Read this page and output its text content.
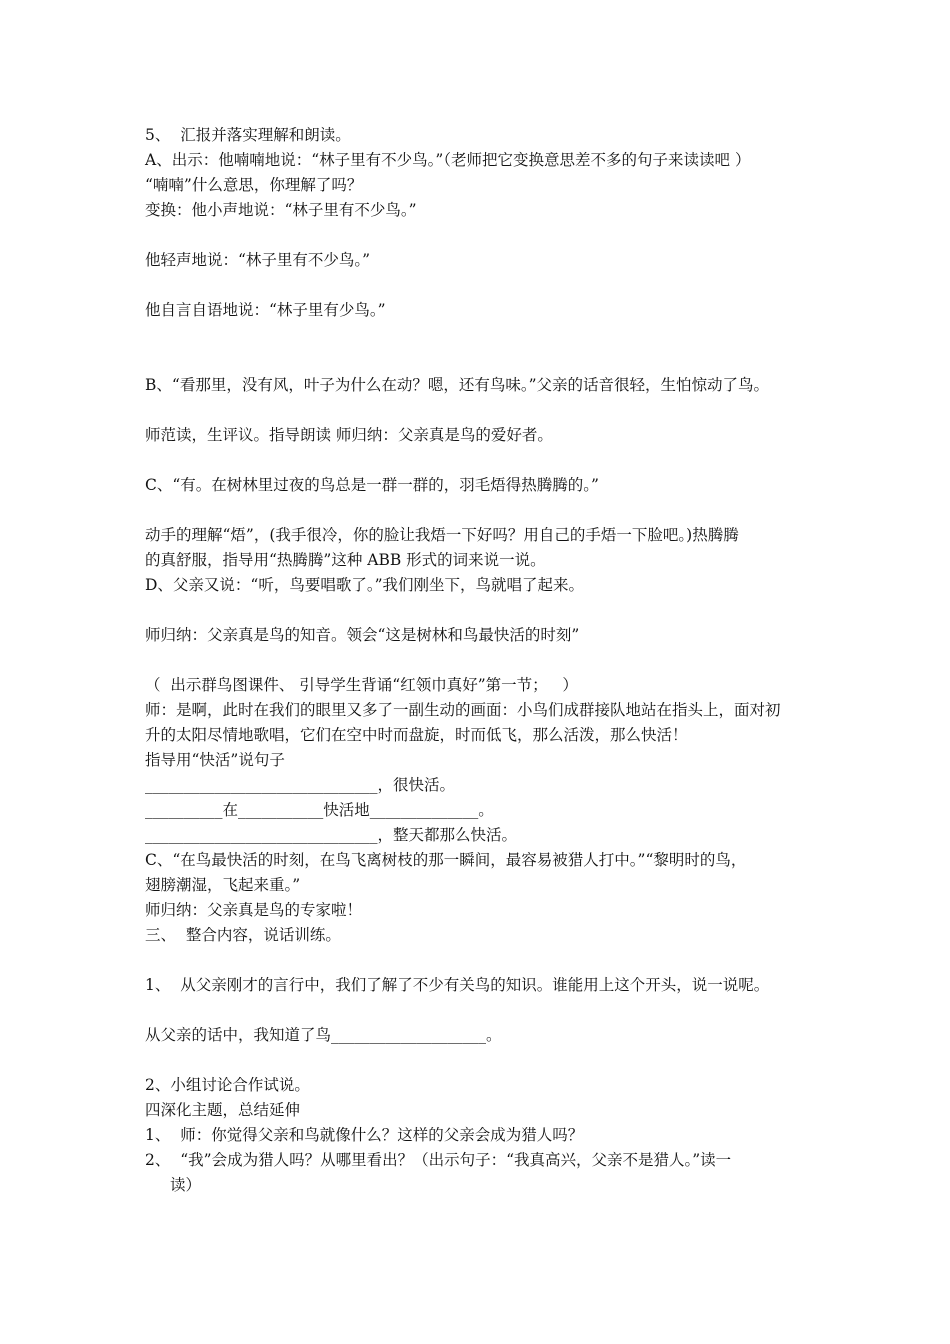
5、  汇报并落实理解和朗读。
A、出示：他喃喃地说：“林子里有不少鸟。”（老师把它变换意思差不多的句子来读读吧 ）
“喃喃”什么意思，你理解了吗？
变换：他小声地说：“林子里有不少鸟。”
他轻声地说：“林子里有不少鸟。”
他自言自语地说：“林子里有少鸟。”
B、“看那里，没有风，叶子为什么在动？嗯，还有鸟味。”父亲的话音很轻，生怕惊动了鸟。
师范读，生评议。指导朗读 师归纳：父亲真是鸟的爱好者。
C、“有。在树林里过夜的鸟总是一群一群的，羽毛焐得热腾腾的。”
动手的理解“焐”，(我手很冷，你的脸让我焐一下好吗？用自己的手焐一下脸吧。)热腾腾
的真舒服，指导用“热腾腾”这种 ABB 形式的词来说一说。
D、父亲又说：“听，鸟要唱歌了。”我们刚坐下，鸟就唱了起来。
师归纳：父亲真是鸟的知音。领会“这是树林和鸟最快活的时刻”
（  出示群鸟图课件、 引导学生背诵“红领巾真好”第一节；   ）
师：是啊，此时在我们的眼里又多了一副生动的画面：小鸟们成群接队地站在指头上，面对初
升的太阳尽情地歌唱，它们在空中时而盘旋，时而低飞，那么活泼，那么快活！
指导用“快活”说句子
______________________________，很快活。
__________在___________快活地______________。
______________________________，整天都那么快活。
C、“在鸟最快活的时刻，在鸟飞离树枝的那一瞬间，最容易被猎人打中。”“黎明时的鸟，
翅膀潮湿，飞起来重。”
师归纳：父亲真是鸟的专家啦！
三、  整合内容，说话训练。
1、  从父亲刚才的言行中，我们了解了不少有关鸟的知识。谁能用上这个开头，说一说呢。
从父亲的话中，我知道了鸟____________________。
2、小组讨论合作试说。
四深化主题，总结延伸
1、  师：你觉得父亲和鸟就像什么？这样的父亲会成为猎人吗？
2、  “我”会成为猎人吗？从哪里看出？（出示句子：“我真高兴，父亲不是猎人。”读一
读）
